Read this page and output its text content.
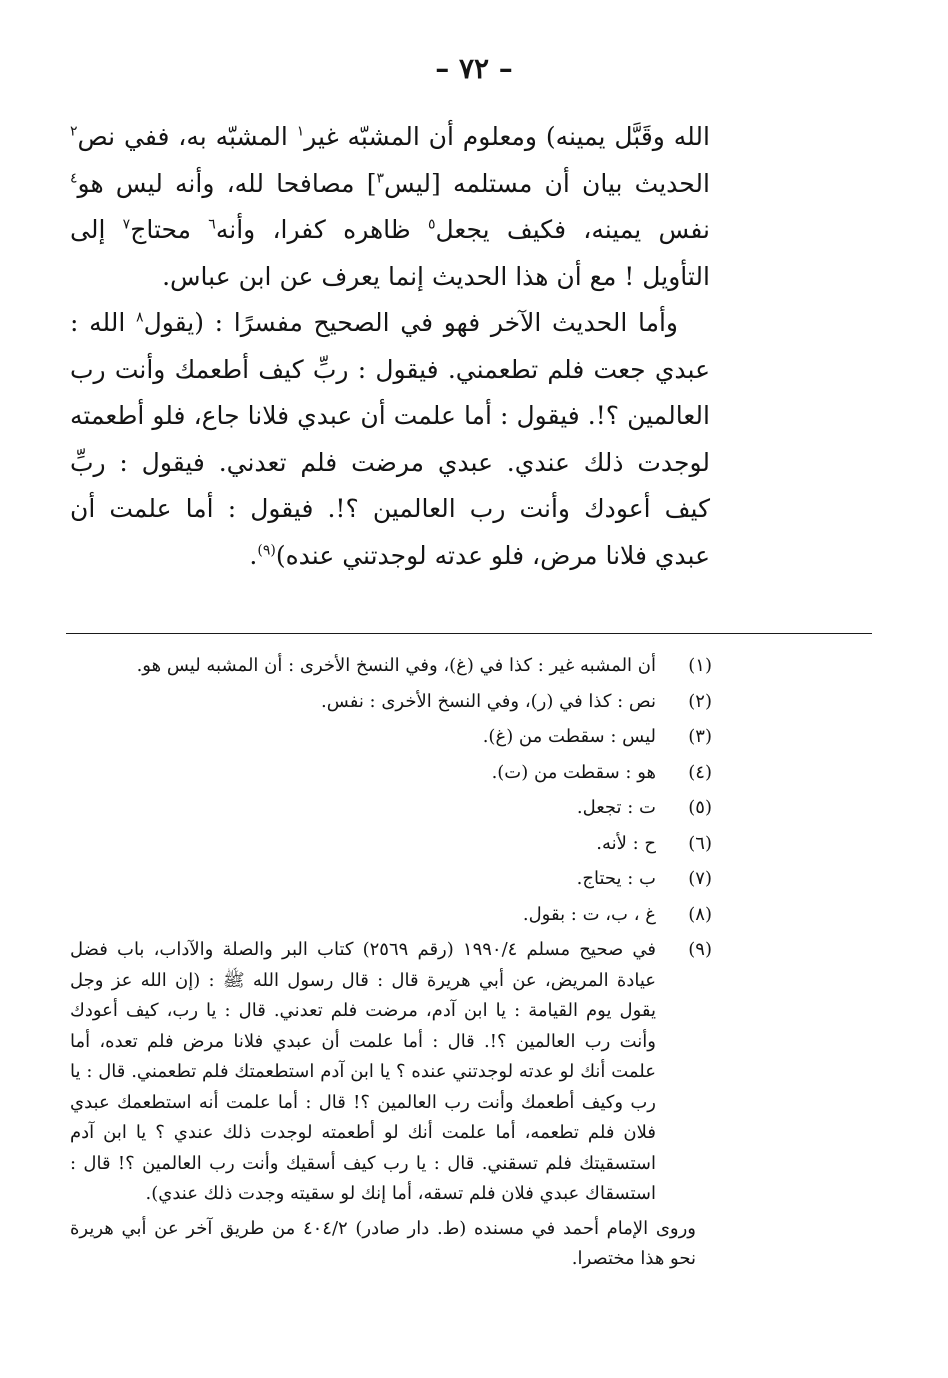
– ٧٢ –

الله وقَبَّل يمينه) ومعلوم أن المشبّه غير$^١$ المشبّه به، ففي نص$^٢$ الحديث بيان أن مستلمه [ليس$^٣$] مصافحا لله، وأنه ليس هو$^٤$ نفس يمينه، فكيف يجعل$^٥$ ظاهره كفرا، وأنه$^٦$ محتاج$^٧$ إلى التأويل ! مع أن هذا الحديث إنما يعرف عن ابن عباس.

وأما الحديث الآخر فهو في الصحيح مفسرًا : (يقول$^٨$ الله : عبدي جعت فلم تطعمني. فيقول : ربِّ كيف أطعمك وأنت رب العالمين ؟!. فيقول : أما علمت أن عبدي فلانا جاع، فلو أطعمته لوجدت ذلك عندي. عبدي مرضت فلم تعدني. فيقول : ربِّ كيف أعودك وأنت رب العالمين ؟!. فيقول : أما علمت أن عبدي فلانا مرض، فلو عدته لوجدتني عنده)$^{(٩)}$.

(١)
أن المشبه غير : كذا في (غ)، وفي النسخ الأخرى : أن المشبه ليس هو.
(٢)
نص : كذا في (ر)، وفي النسخ الأخرى : نفس.
(٣)
ليس : سقطت من (غ).
(٤)
هو : سقطت من (ت).
(٥)
ت : تجعل.
(٦)
ح : لأنه.
(٧)
ب : يحتاج.
(٨)
غ ، ب، ت : بقول.
(٩)
في صحيح مسلم ١٩٩٠/٤ (رقم ٢٥٦٩) كتاب البر والصلة والآداب، باب فضل عيادة المريض، عن أبي هريرة قال : قال رسول الله ﷺ : (إن الله عز وجل يقول يوم القيامة : يا ابن آدم، مرضت فلم تعدني. قال : يا رب، كيف أعودك وأنت رب العالمين ؟!. قال : أما علمت أن عبدي فلانا مرض فلم تعده، أما علمت أنك لو عدته لوجدتني عنده ؟ يا ابن آدم استطعمتك فلم تطعمني. قال : يا رب وكيف أطعمك وأنت رب العالمين ؟! قال : أما علمت أنه استطعمك عبدي فلان فلم تطعمه، أما علمت أنك لو أطعمته لوجدت ذلك عندي ؟ يا ابن آدم استسقيتك فلم تسقني. قال : يا رب كيف أسقيك وأنت رب العالمين ؟! قال : استسقاك عبدي فلان فلم تسقه، أما إنك لو سقيته وجدت ذلك عندي).
وروى الإمام أحمد في مسنده (ط. دار صادر) ٤٠٤/٢ من طريق آخر عن أبي هريرة نحو هذا مختصرا.
